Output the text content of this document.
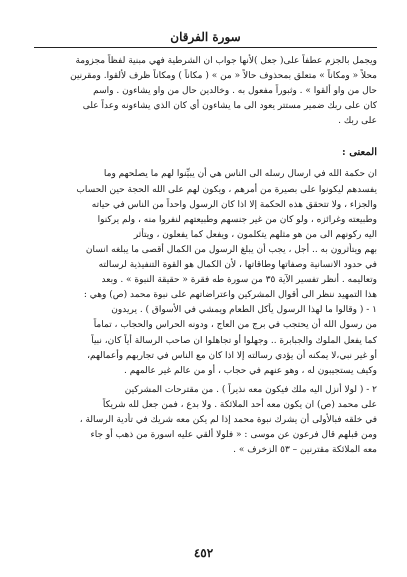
سورة الفرقان
ويجمل بالجزم عطفاً على( جعل )لأنها جواب ان الشرطية فهي مبنية لفظاً مجزومة
محلاً « ومكاناً » متعلق بمحذوف حالاً « من » ( مكاناً ) ومكاناً ظرف لألقوا. ومقرنين
حال من واو ألقوا » . وثبوراً مفعول به . وخالدين حال من واو يشاءون . واسم
كان على ربك ضمير مستتر يعود الى ما يشاءون أي كان الذي يشاءونه وعداً على
على ربك .
المعنى :
ان حكمة الله في ارسال رسله الى الناس هي أن يبيِّنوا لهم ما يصلحهم وما
يفسدهم ليكونوا على بصيرة من أمرهم ، ويكون لهم على الله الحجة حين الحساب
والجزاء ، ولا تتحقق هذه الحكمة إلا اذا كان الرسول واحداً من الناس في حياته
وطبيعته وغرائزه ، ولو كان من غير جنسهم وطبيعتهم لنفروا منه ، ولم يركنوا
اليه ركونهم الى من هو مثلهم يتكلمون ، ويفعل كما يفعلون ، ويتأثر
بهم ويتأثرون به .. أجل ، يجب أن يبلغ الرسول من الكمال أقصى ما يبلغه انسان
في حدود الانسانية وصفاتها وطاقاتها ، لأن الكمال هو القوة التنفيذية لرسالته
وتعاليمه . أنظر تفسير الآية ٣٥ من سورة طه فقرة « حقيقة النبوة » . وبعد
هذا التمهيد ننظر الى أقوال المشركين واعتراضاتهم على نبوة محمد (ص) وهي :
١ - ( وقالوا ما لهذا الرسول يأكل الطعام ويمشي في الأسواق ) . يريدون
من رسول الله أن يحتجب في برج من العاج ، ودونه الحراس والحجاب ، تماماً
كما يفعل الملوك والجبابرة .. وجهلوا أو تجاهلوا ان صاحب الرسالة أياً كان، نبياً
أو غير نبي،لا يمكنه أن يؤدي رسالته إلا اذا كان مع الناس في تجاربهم وأعمالهم،
وكيف يستجيبون له ، وهو عنهم في حجاب ، أو من عالم غير عالمهم .
٢ - ( لولا أنزل اليه ملك فيكون معه نذيراً ) . من مقترحات المشركين
على محمد (ص) ان يكون معه أحد الملائكة . ولا بدع ، فمن جعل لله شريكاً
في خلقه فبالأولى أن يشرك نبوة محمد إذا لم يكن معه شريك في تأدية الرسالة ،
ومن قبلهم قال فرعون عن موسى : « فلولا ألقي عليه اسورة من ذهب أو جاء
معه الملائكة مقترنين – ٥٣ الزخرف » .
٤٥٢
